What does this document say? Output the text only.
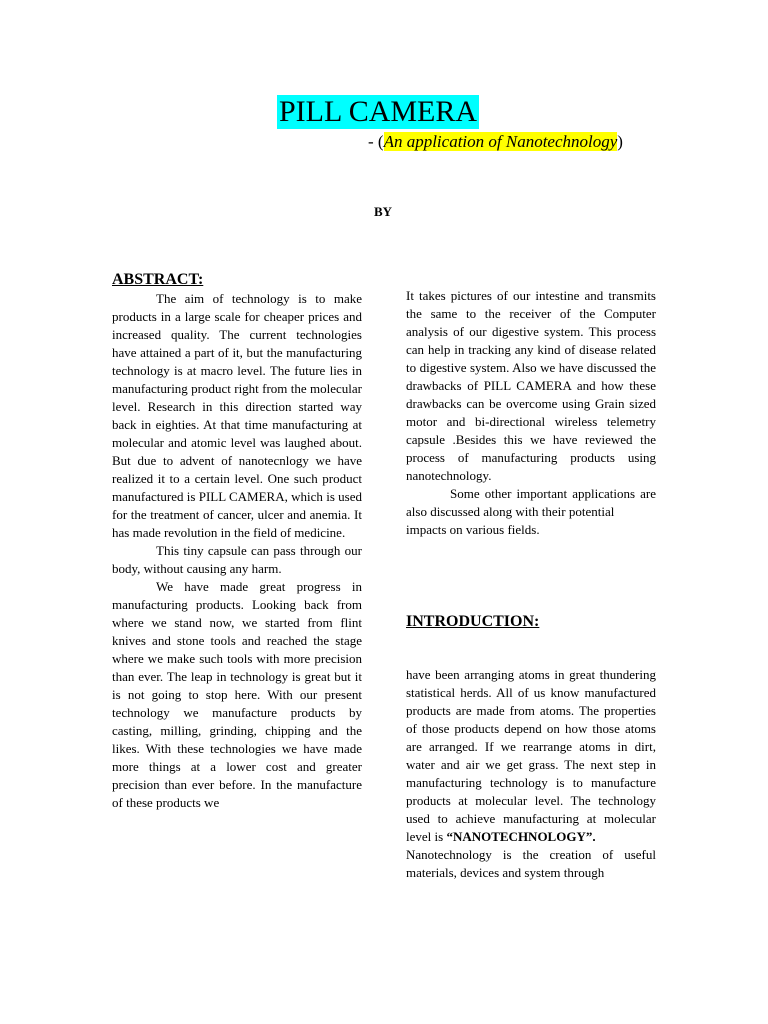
PILL CAMERA
- (An application of Nanotechnology)
BY
ABSTRACT:

The aim of technology is to make products in a large scale for cheaper prices and increased quality. The current technologies have attained a part of it, but the manufacturing technology is at macro level. The future lies in manufacturing product right from the molecular level. Research in this direction started way back in eighties. At that time manufacturing at molecular and atomic level was laughed about. But due to advent of nanotecnlogy we have realized it to a certain level. One such product manufactured is PILL CAMERA, which is used for the treatment of cancer, ulcer and anemia. It has made revolution in the field of medicine.

This tiny capsule can pass through our body, without causing any harm.

We have made great progress in manufacturing products. Looking back from where we stand now, we started from flint knives and stone tools and reached the stage where we make such tools with more precision than ever. The leap in technology is great but it is not going to stop here. With our present technology we manufacture products by casting, milling, grinding, chipping and the likes. With these technologies we have made more things at a lower cost and greater precision than ever before. In the manufacture of these products we

It takes pictures of our intestine and transmits the same to the receiver of the Computer analysis of our digestive system. This process can help in tracking any kind of disease related to digestive system. Also we have discussed the drawbacks of PILL CAMERA and how these drawbacks can be overcome using Grain sized motor and bi-directional wireless telemetry capsule .Besides this we have reviewed the process of manufacturing products using nanotechnology.

Some other important applications are also discussed along with their potential

impacts on various fields.

INTRODUCTION:

have been arranging atoms in great thundering statistical herds. All of us know manufactured products are made from atoms. The properties of those products depend on how those atoms are arranged. If we rearrange atoms in dirt, water and air we get grass. The next step in manufacturing technology is to manufacture products at molecular level. The technology used to achieve manufacturing at molecular level is “NANOTECHNOLOGY”.

Nanotechnology is the creation of useful materials, devices and system through
